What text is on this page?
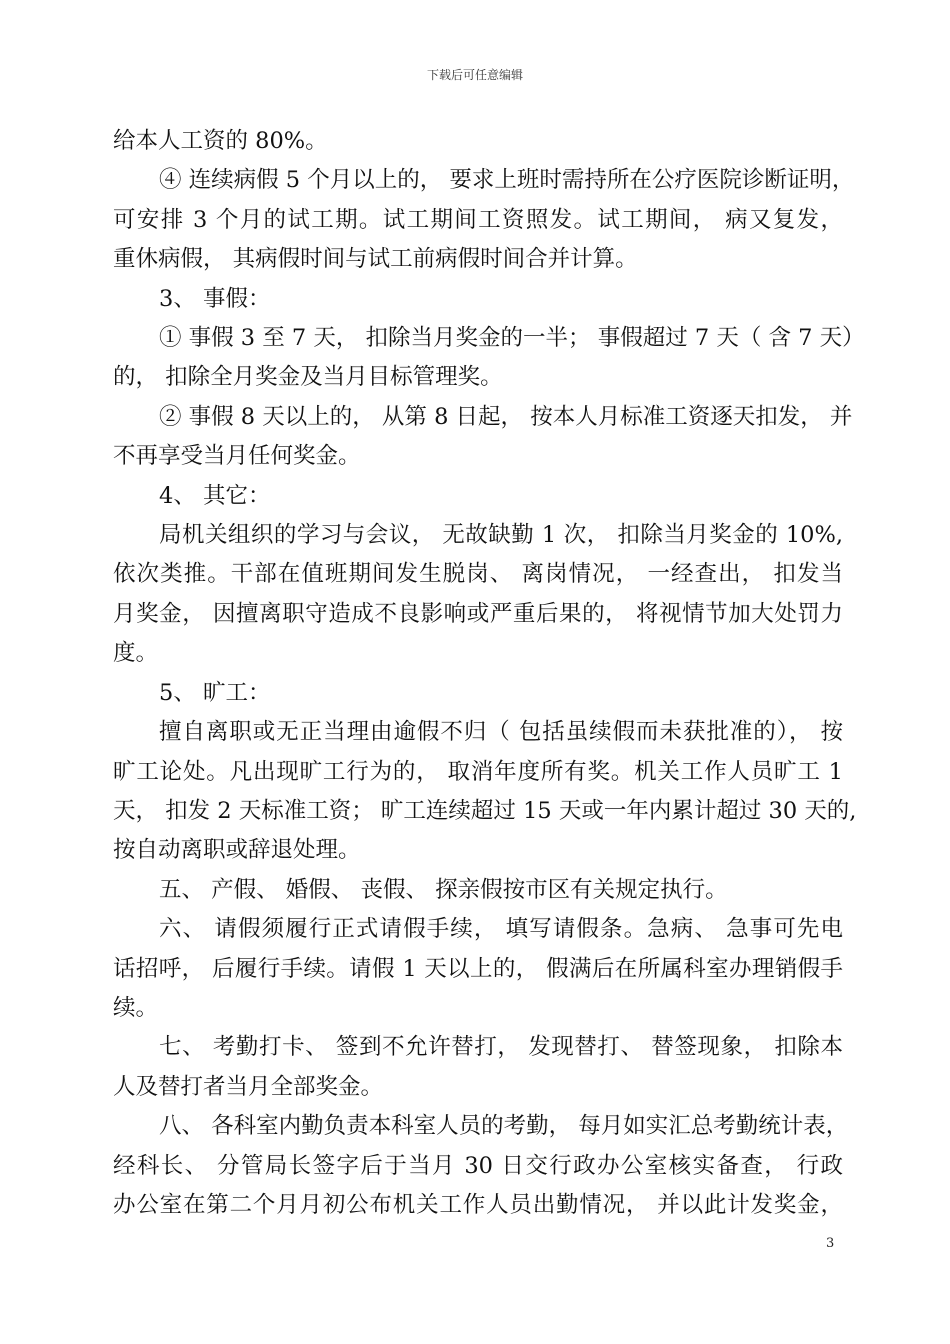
下载后可任意编辑

给本人工资的 80%。

④ 连续病假 5 个月以上的， 要求上班时需持所在公疗医院诊断证明，

可安排 3 个月的试工期。试工期间工资照发。试工期间， 病又复发，

重休病假， 其病假时间与试工前病假时间合并计算。

3、 事假：

① 事假 3 至 7 天， 扣除当月奖金的一半； 事假超过 7 天（ 含 7 天）

的， 扣除全月奖金及当月目标管理奖。

② 事假 8 天以上的， 从第 8 日起， 按本人月标准工资逐天扣发， 并

不再享受当月任何奖金。

4、 其它：

局机关组织的学习与会议， 无故缺勤 1 次， 扣除当月奖金的 10%,

依次类推。干部在值班期间发生脱岗、 离岗情况， 一经查出， 扣发当

月奖金， 因擅离职守造成不良影响或严重后果的， 将视情节加大处罚力

度。

5、 旷工：

擅自离职或无正当理由逾假不归（ 包括虽续假而未获批准的）， 按

旷工论处。凡出现旷工行为的， 取消年度所有奖。机关工作人员旷工 1

天， 扣发 2 天标准工资； 旷工连续超过 15 天或一年内累计超过 30 天的,

按自动离职或辞退处理。

五、 产假、 婚假、 丧假、 探亲假按市区有关规定执行。

六、 请假须履行正式请假手续， 填写请假条。急病、 急事可先电

话招呼， 后履行手续。请假 1 天以上的， 假满后在所属科室办理销假手

续。

七、 考勤打卡、 签到不允许替打， 发现替打、 替签现象， 扣除本

人及替打者当月全部奖金。

八、 各科室内勤负责本科室人员的考勤， 每月如实汇总考勤统计表，

经科长、 分管局长签字后于当月 30 日交行政办公室核实备查， 行政

办公室在第二个月月初公布机关工作人员出勤情况， 并以此计发奖金，

3
